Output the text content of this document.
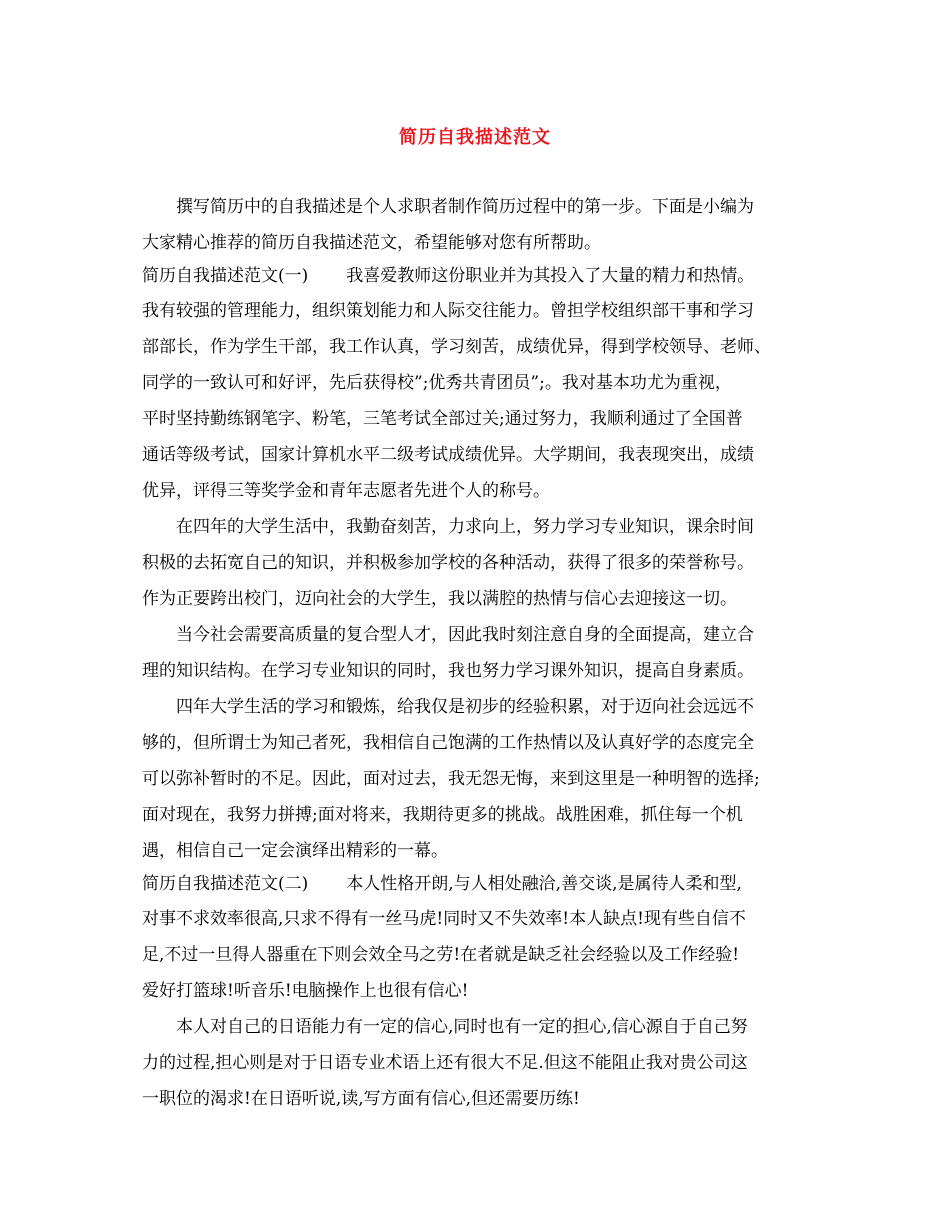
简历自我描述范文
撰写简历中的自我描述是个人求职者制作简历过程中的第一步。下面是小编为
大家精心推荐的简历自我描述范文，希望能够对您有所帮助。
简历自我描述范文(一) 我喜爱教师这份职业并为其投入了大量的精力和热情。
我有较强的管理能力，组织策划能力和人际交往能力。曾担学校组织部干事和学习
部部长，作为学生干部，我工作认真，学习刻苦，成绩优异，得到学校领导、老师、
同学的一致认可和好评，先后获得校”;优秀共青团员”;。我对基本功尤为重视，
平时坚持勤练钢笔字、粉笔，三笔考试全部过关;通过努力，我顺利通过了全国普
通话等级考试，国家计算机水平二级考试成绩优异。大学期间，我表现突出，成绩
优异，评得三等奖学金和青年志愿者先进个人的称号。
在四年的大学生活中，我勤奋刻苦，力求向上，努力学习专业知识，课余时间
积极的去拓宽自己的知识，并积极参加学校的各种活动，获得了很多的荣誉称号。
作为正要跨出校门，迈向社会的大学生，我以满腔的热情与信心去迎接这一切。
当今社会需要高质量的复合型人才，因此我时刻注意自身的全面提高，建立合
理的知识结构。在学习专业知识的同时，我也努力学习课外知识，提高自身素质。
四年大学生活的学习和锻炼，给我仅是初步的经验积累，对于迈向社会远远不
够的，但所谓士为知己者死，我相信自己饱满的工作热情以及认真好学的态度完全
可以弥补暂时的不足。因此，面对过去，我无怨无悔，来到这里是一种明智的选择;
面对现在，我努力拼搏;面对将来，我期待更多的挑战。战胜困难，抓住每一个机
遇，相信自己一定会演绎出精彩的一幕。
简历自我描述范文(二) 本人性格开朗,与人相处融洽,善交谈,是属待人柔和型,
对事不求效率很高,只求不得有一丝马虎!同时又不失效率!本人缺点!现有些自信不
足,不过一旦得人器重在下则会效全马之劳!在者就是缺乏社会经验以及工作经验!
爱好打篮球!听音乐!电脑操作上也很有信心!
本人对自己的日语能力有一定的信心,同时也有一定的担心,信心源自于自己努
力的过程,担心则是对于日语专业术语上还有很大不足.但这不能阻止我对贵公司这
一职位的渴求!在日语听说,读,写方面有信心,但还需要历练!
